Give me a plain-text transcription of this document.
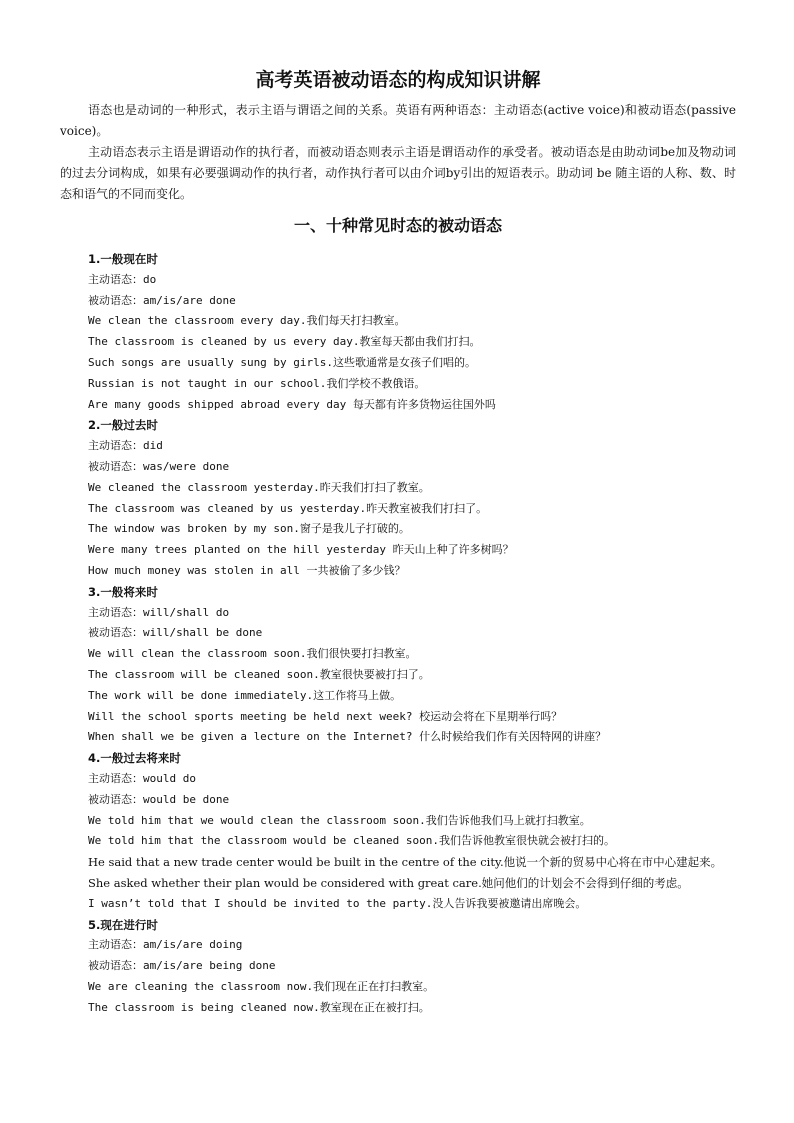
高考英语被动语态的构成知识讲解

语态也是动词的一种形式，表示主语与谓语之间的关系。英语有两种语态：主动语态(active voice)和被动语态(passive voice)。

主动语态表示主语是谓语动作的执行者，而被动语态则表示主语是谓语动作的承受者。被动语态是由助动词be加及物动词的过去分词构成，如果有必要强调动作的执行者，动作执行者可以由介词by引出的短语表示。助动词 be 随主语的人称、数、时态和语气的不同而变化。

一、十种常见时态的被动语态
1.一般现在时
主动语态：do
被动语态：am/is/are done
We clean the classroom every day.我们每天打扫教室。
The classroom is cleaned by us every day.教室每天都由我们打扫。
Such songs are usually sung by girls.这些歌通常是女孩子们唱的。
Russian is not taught in our school.我们学校不教俄语。
Are many goods shipped abroad every day 每天都有许多货物运往国外吗
2.一般过去时
主动语态：did
被动语态：was/were done
We cleaned the classroom yesterday.昨天我们打扫了教室。
The classroom was cleaned by us yesterday.昨天教室被我们打扫了。
The window was broken by my son.窗子是我儿子打破的。
Were many trees planted on the hill yesterday 昨天山上种了许多树吗？
How much money was stolen in all 一共被偷了多少钱？
3.一般将来时
主动语态：will/shall do
被动语态：will/shall be done
We will clean the classroom soon.我们很快要打扫教室。
The classroom will be cleaned soon.教室很快要被打扫了。
The work will be done immediately.这工作将马上做。
Will the school sports meeting be held next week? 校运动会将在下星期举行吗？
When shall we be given a lecture on the Internet? 什么时候给我们作有关因特网的讲座？
4.一般过去将来时
主动语态：would do
被动语态：would be done
We told him that we would clean the classroom soon.我们告诉他我们马上就打扫教室。
We told him that the classroom would be cleaned soon.我们告诉他教室很快就会被打扫的。
He said that a new trade center would be built in the centre of the city.他说一个新的贸易中心将在市中心建起来。
She asked whether their plan would be considered with great care.她问他们的计划会不会得到仔细的考虑。
I wasn’t told that I should be invited to the party.没人告诉我要被邀请出席晚会。
5.现在进行时
主动语态：am/is/are doing
被动语态：am/is/are being done
We are cleaning the classroom now.我们现在正在打扫教室。
The classroom is being cleaned now.教室现在正在被打扫。
